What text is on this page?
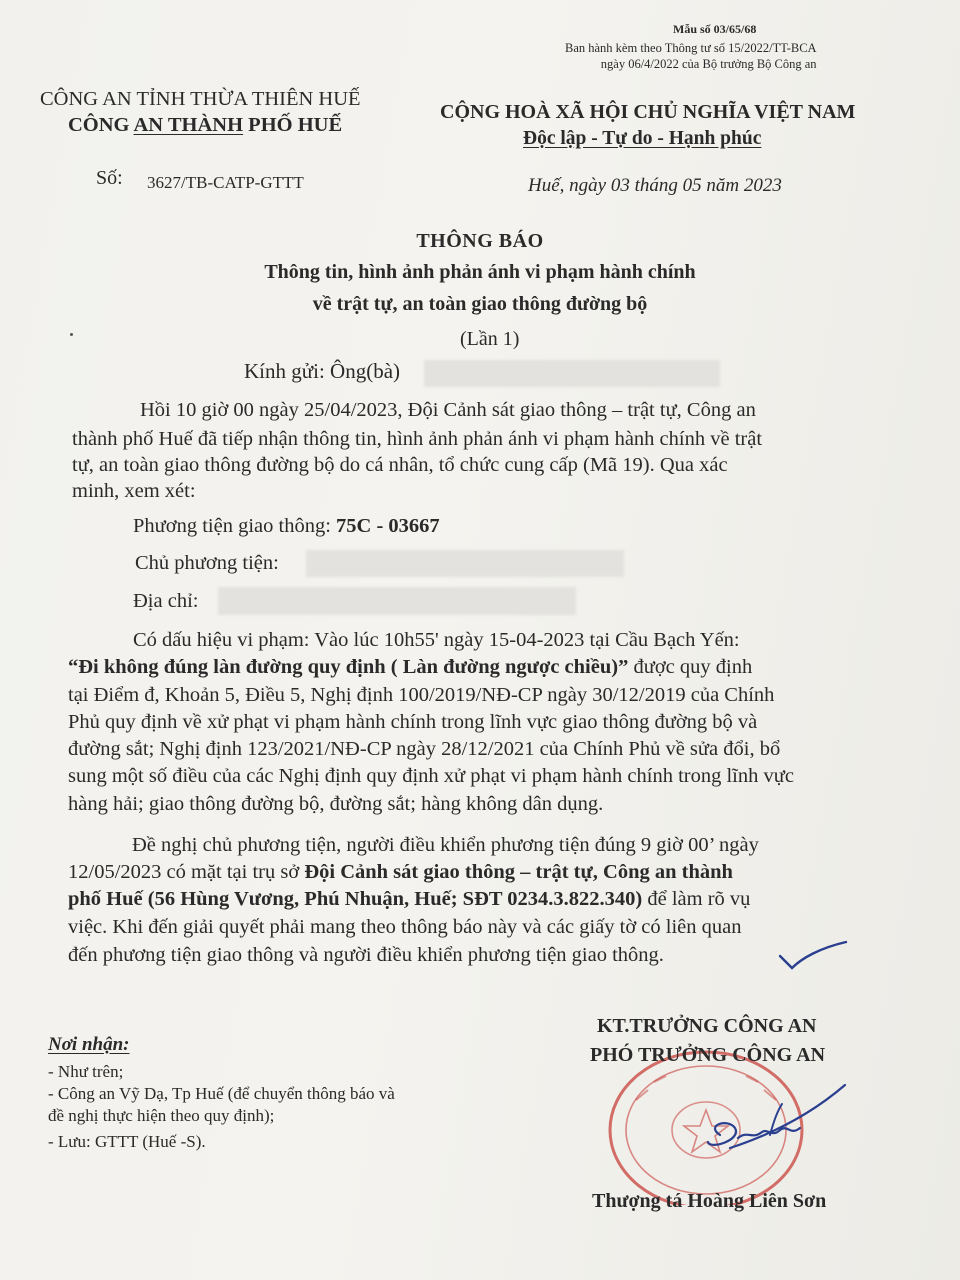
Mẫu số 03/65/68
Ban hành kèm theo Thông tư số 15/2022/TT-BCA
ngày 06/4/2022 của Bộ trưởng Bộ Công an
CÔNG AN TỈNH THỪA THIÊN HUẾ
CÔNG AN THÀNH PHỐ HUẾ
CỘNG HOÀ XÃ HỘI CHỦ NGHĨA VIỆT NAM
Độc lập - Tự do - Hạnh phúc
Số: 3627/TB-CATP-GTTT	Huế, ngày 03 tháng 05 năm 2023
THÔNG BÁO
Thông tin, hình ảnh phản ánh vi phạm hành chính
về trật tự, an toàn giao thông đường bộ
(Lần 1)
Kính gửi: Ông(bà)
Hồi 10 giờ 00 ngày 25/04/2023, Đội Cảnh sát giao thông – trật tự, Công an
thành phố Huế đã tiếp nhận thông tin, hình ảnh phản ánh vi phạm hành chính về trật
tự, an toàn giao thông đường bộ do cá nhân, tổ chức cung cấp (Mã 19). Qua xác
minh, xem xét:
Phương tiện giao thông: 75C - 03667
Chủ phương tiện:
Địa chỉ:
Có dấu hiệu vi phạm: Vào lúc 10h55' ngày 15-04-2023 tại Cầu Bạch Yến:
“Đi không đúng làn đường quy định ( Làn đường ngược chiều)” được quy định
tại Điểm đ, Khoản 5, Điều 5, Nghị định 100/2019/NĐ-CP ngày 30/12/2019 của Chính
Phủ quy định về xử phạt vi phạm hành chính trong lĩnh vực giao thông đường bộ và
đường sắt; Nghị định 123/2021/NĐ-CP ngày 28/12/2021 của Chính Phủ về sửa đổi, bổ
sung một số điều của các Nghị định quy định xử phạt vi phạm hành chính trong lĩnh vực
hàng hải; giao thông đường bộ, đường sắt; hàng không dân dụng.
Đề nghị chủ phương tiện, người điều khiển phương tiện đúng 9 giờ 00’ ngày
12/05/2023 có mặt tại trụ sở Đội Cảnh sát giao thông – trật tự, Công an thành
phố Huế (56 Hùng Vương, Phú Nhuận, Huế; SĐT 0234.3.822.340) để làm rõ vụ
việc. Khi đến giải quyết phải mang theo thông báo này và các giấy tờ có liên quan
đến phương tiện giao thông và người điều khiển phương tiện giao thông.
Nơi nhận:
- Như trên;
- Công an Vỹ Dạ, Tp Huế (để chuyển thông báo và
đề nghị thực hiện theo quy định);
- Lưu: GTTT (Huế -S).
KT.TRƯỞNG CÔNG AN
PHÓ TRƯỞNG CÔNG AN
Thượng tá Hoàng Liên Sơn
